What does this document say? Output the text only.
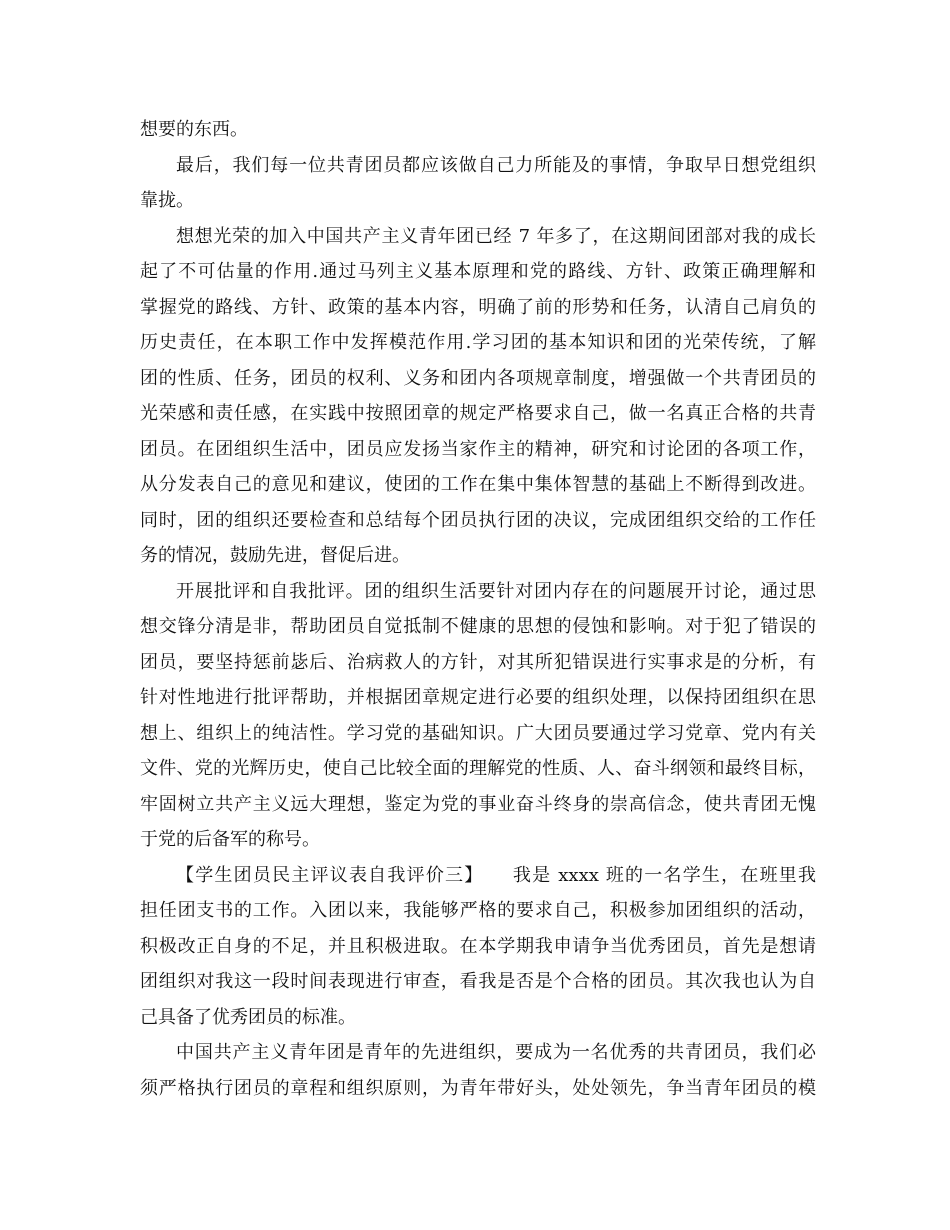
想要的东西。
最后，我们每一位共青团员都应该做自己力所能及的事情，争取早日想党组织
靠拢。
想想光荣的加入中国共产主义青年团已经 7 年多了，在这期间团部对我的成长
起了不可估量的作用.通过马列主义基本原理和党的路线、方针、政策正确理解和
掌握党的路线、方针、政策的基本内容，明确了前的形势和任务，认清自己肩负的
历史责任，在本职工作中发挥模范作用.学习团的基本知识和团的光荣传统，了解
团的性质、任务，团员的权利、义务和团内各项规章制度，增强做一个共青团员的
光荣感和责任感，在实践中按照团章的规定严格要求自己，做一名真正合格的共青
团员。在团组织生活中，团员应发扬当家作主的精神，研究和讨论团的各项工作，
从分发表自己的意见和建议，使团的工作在集中集体智慧的基础上不断得到改进。
同时，团的组织还要检查和总结每个团员执行团的决议，完成团组织交给的工作任
务的情况，鼓励先进，督促后进。
开展批评和自我批评。团的组织生活要针对团内存在的问题展开讨论，通过思
想交锋分清是非，帮助团员自觉抵制不健康的思想的侵蚀和影响。对于犯了错误的
团员，要坚持惩前毖后、治病救人的方针，对其所犯错误进行实事求是的分析，有
针对性地进行批评帮助，并根据团章规定进行必要的组织处理，以保持团组织在思
想上、组织上的纯洁性。学习党的基础知识。广大团员要通过学习党章、党内有关
文件、党的光辉历史，使自己比较全面的理解党的性质、人、奋斗纲领和最终目标，
牢固树立共产主义远大理想，鉴定为党的事业奋斗终身的崇高信念，使共青团无愧
于党的后备军的称号。
【学生团员民主评议表自我评价三】　　我是 xxxx 班的一名学生，在班里我
担任团支书的工作。入团以来，我能够严格的要求自己，积极参加团组织的活动，
积极改正自身的不足，并且积极进取。在本学期我申请争当优秀团员，首先是想请
团组织对我这一段时间表现进行审查，看我是否是个合格的团员。其次我也认为自
己具备了优秀团员的标准。
中国共产主义青年团是青年的先进组织，要成为一名优秀的共青团员，我们必
须严格执行团员的章程和组织原则，为青年带好头，处处领先，争当青年团员的模
